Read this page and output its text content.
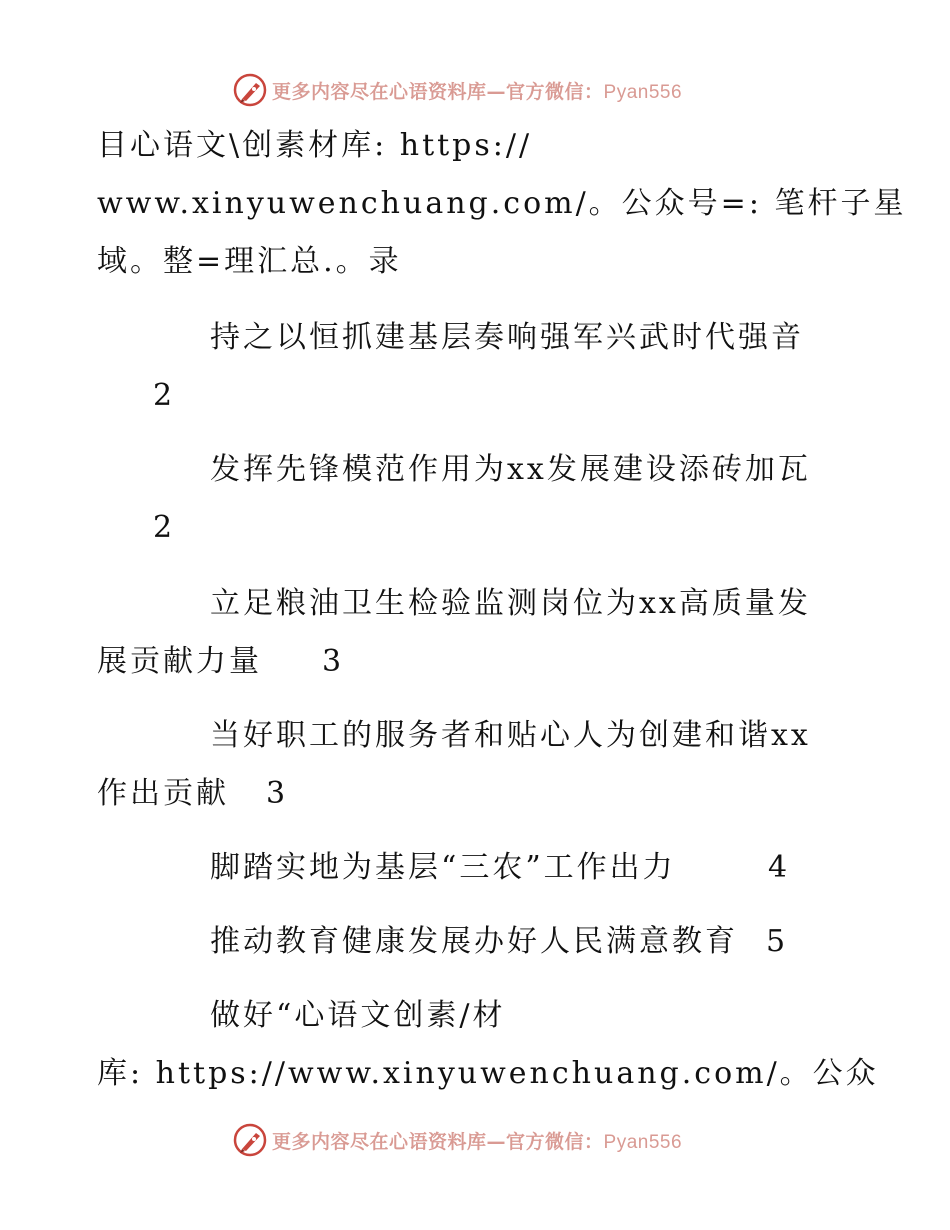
更多内容尽在心语资料库—官方微信：Pyan556
目心语文\创素材库: https://
www.xinyuwenchuang.com/。公众号=: 笔杆子星
域。整=理汇总.。录
持之以恒抓建基层奏响强军兴武时代强音
2
发挥先锋模范作用为xx发展建设添砖加瓦
2
立足粮油卫生检验监测岗位为xx高质量发
展贡献力量 3
当好职工的服务者和贴心人为创建和谐xx
作出贡献 3
脚踏实地为基层“三农”工作出力	4
推动教育健康发展办好人民满意教育 5
做好“心语文创素/材
库: https://www.xinyuwenchuang.com/。公众
更多内容尽在心语资料库—官方微信：Pyan556
